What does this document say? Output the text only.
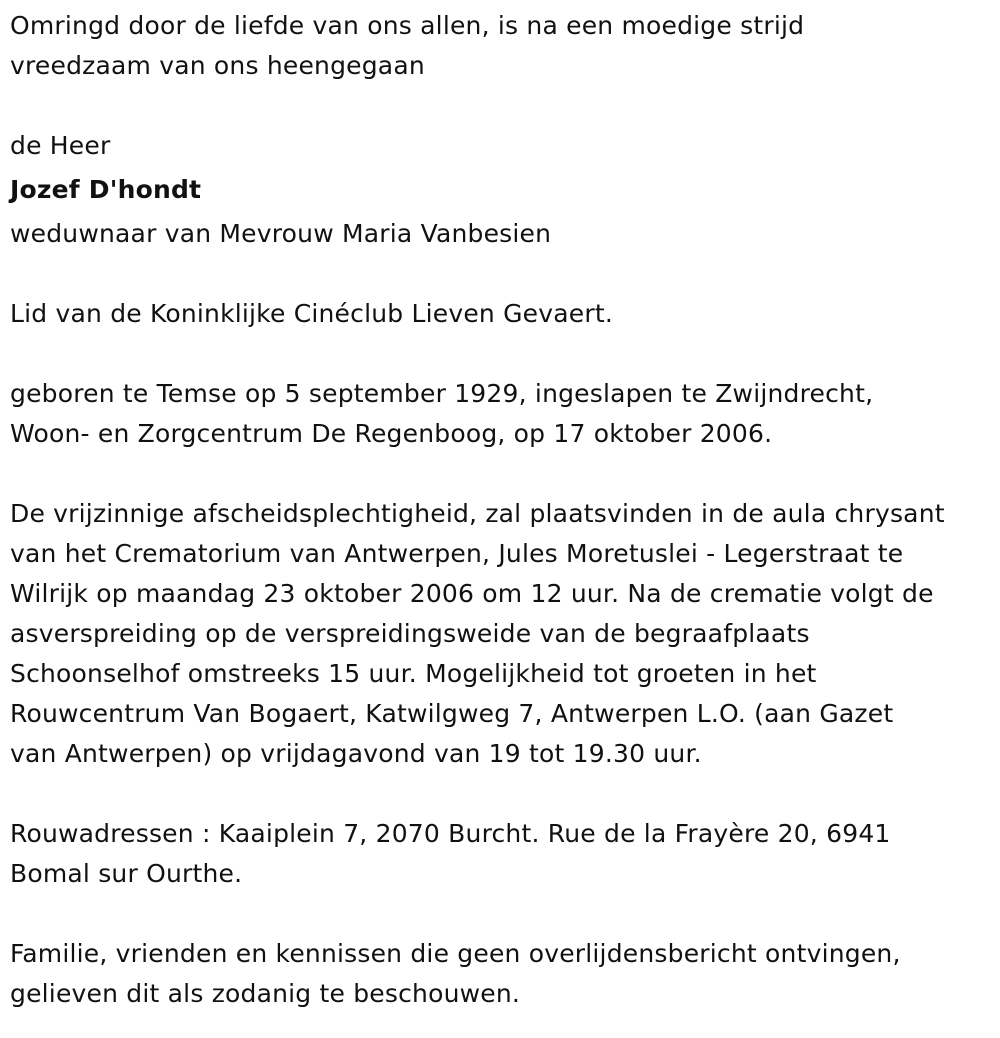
Omringd door de liefde van ons allen, is na een moedige strijd
vreedzaam van ons heengegaan
de Heer
Jozef D'hondt
weduwnaar van Mevrouw Maria Vanbesien
Lid van de Koninklijke Cinéclub Lieven Gevaert.
geboren te Temse op 5 september 1929, ingeslapen te Zwijndrecht,
Woon- en Zorgcentrum De Regenboog, op 17 oktober 2006.
De vrijzinnige afscheidsplechtigheid, zal plaatsvinden in de aula chrysant
van het Crematorium van Antwerpen, Jules Moretuslei - Legerstraat te
Wilrijk op maandag 23 oktober 2006 om 12 uur. Na de crematie volgt de
asverspreiding op de verspreidingsweide van de begraafplaats
Schoonselhof omstreeks 15 uur. Mogelijkheid tot groeten in het
Rouwcentrum Van Bogaert, Katwilgweg 7, Antwerpen L.O. (aan Gazet
van Antwerpen) op vrijdagavond van 19 tot 19.30 uur.
Rouwadressen : Kaaiplein 7, 2070 Burcht. Rue de la Frayère 20, 6941
Bomal sur Ourthe.
Familie, vrienden en kennissen die geen overlijdensbericht ontvingen,
gelieven dit als zodanig te beschouwen.
